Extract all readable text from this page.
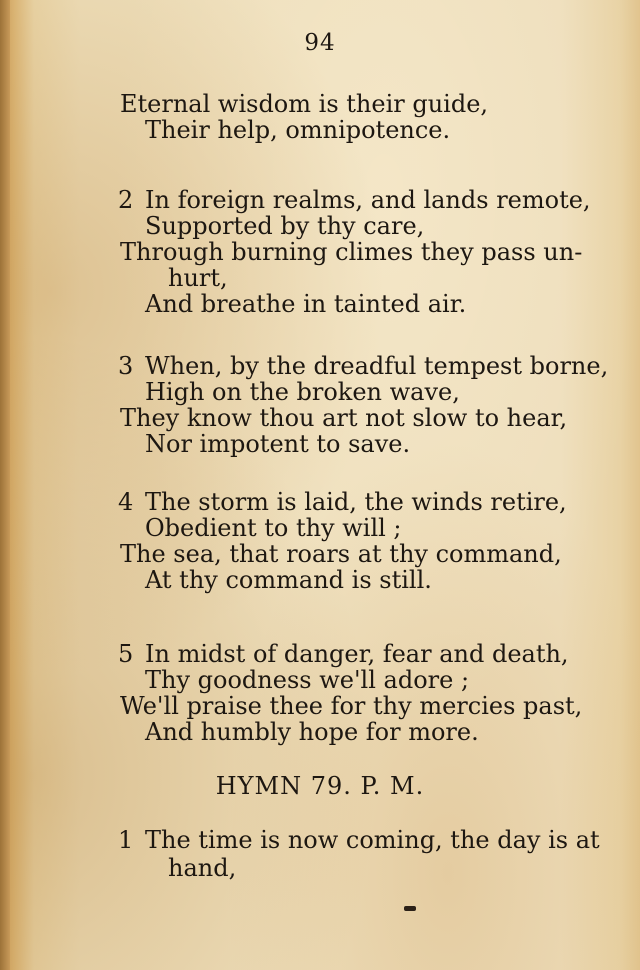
94
Eternal wisdom is their guide,
Their help, omnipotence.
2 In foreign realms, and lands remote,
Supported by thy care,
Through burning climes they pass un-
hurt,
And breathe in tainted air.
3 When, by the dreadful tempest borne,
High on the broken wave,
They know thou art not slow to hear,
Nor impotent to save.
4 The storm is laid, the winds retire,
Obedient to thy will ;
The sea, that roars at thy command,
At thy command is still.
5 In midst of danger, fear and death,
Thy goodness we'll adore ;
We'll praise thee for thy mercies past,
And humbly hope for more.
HYMN 79. P. M.
1 The time is now coming, the day is at
hand,
